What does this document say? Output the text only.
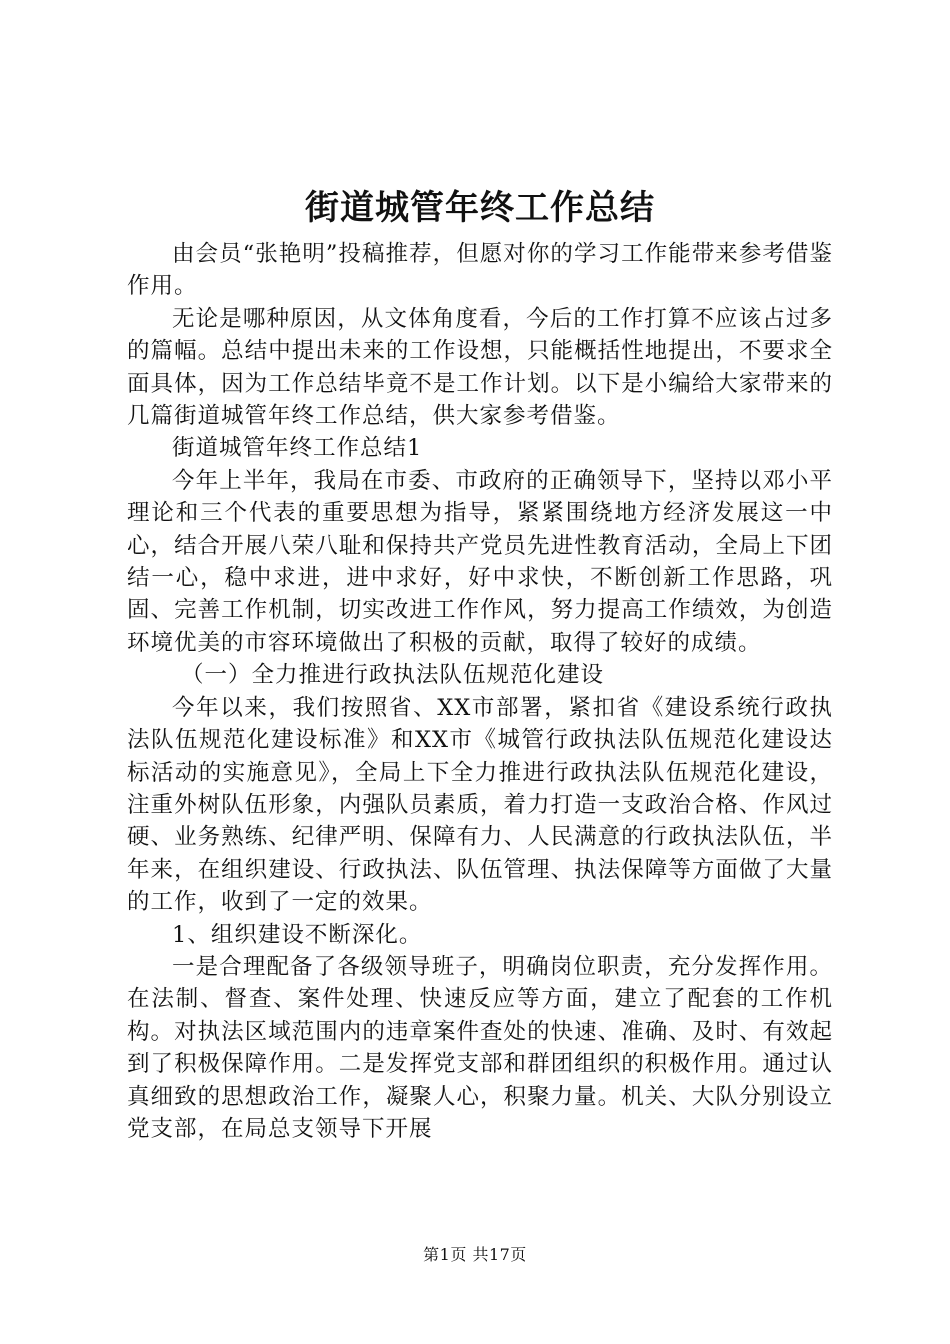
街道城管年终工作总结

由会员“张艳明”投稿推荐，但愿对你的学习工作能带来参考借鉴作用。

无论是哪种原因，从文体角度看，今后的工作打算不应该占过多的篇幅。总结中提出未来的工作设想，只能概括性地提出，不要求全面具体，因为工作总结毕竟不是工作计划。以下是小编给大家带来的几篇街道城管年终工作总结，供大家参考借鉴。

街道城管年终工作总结1

今年上半年，我局在市委、市政府的正确领导下，坚持以邓小平理论和三个代表的重要思想为指导，紧紧围绕地方经济发展这一中心，结合开展八荣八耻和保持共产党员先进性教育活动，全局上下团结一心，稳中求进，进中求好，好中求快，不断创新工作思路，巩固、完善工作机制，切实改进工作作风，努力提高工作绩效，为创造环境优美的市容环境做出了积极的贡献，取得了较好的成绩。

（一）全力推进行政执法队伍规范化建设

今年以来，我们按照省、XX市部署，紧扣省《建设系统行政执法队伍规范化建设标准》和XX市《城管行政执法队伍规范化建设达标活动的实施意见》，全局上下全力推进行政执法队伍规范化建设，注重外树队伍形象，内强队员素质，着力打造一支政治合格、作风过硬、业务熟练、纪律严明、保障有力、人民满意的行政执法队伍，半年来，在组织建设、行政执法、队伍管理、执法保障等方面做了大量的工作，收到了一定的效果。

1、组织建设不断深化。

一是合理配备了各级领导班子，明确岗位职责，充分发挥作用。在法制、督查、案件处理、快速反应等方面，建立了配套的工作机构。对执法区域范围内的违章案件查处的快速、准确、及时、有效起到了积极保障作用。二是发挥党支部和群团组织的积极作用。通过认真细致的思想政治工作，凝聚人心，积聚力量。机关、大队分别设立党支部，在局总支领导下开展

第1页 共17页
